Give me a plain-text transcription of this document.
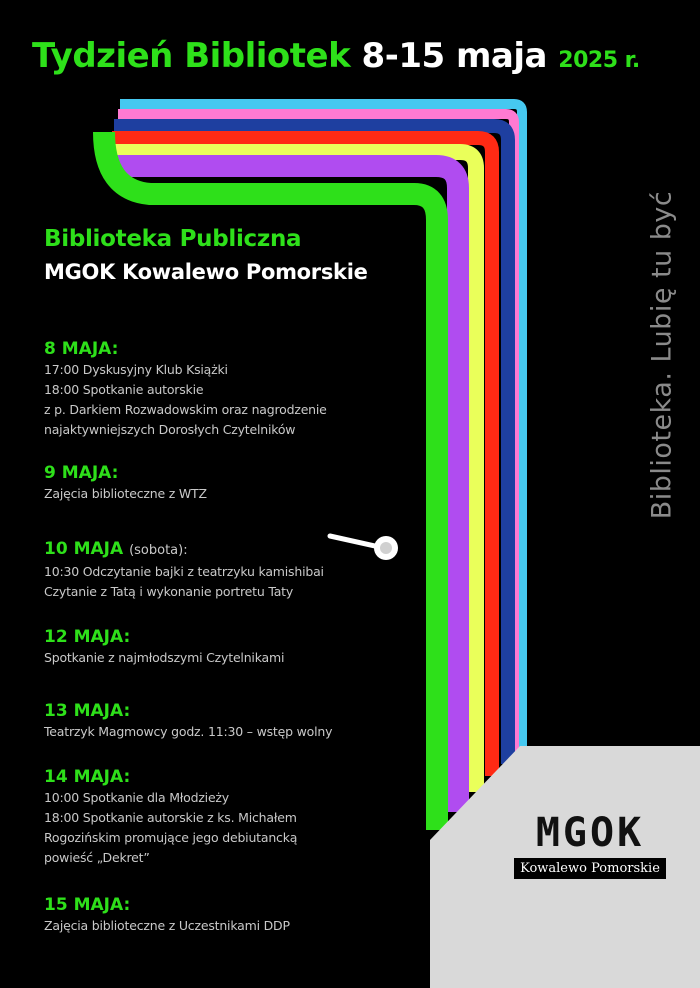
Tydzień Bibliotek 8-15 maja 2025 r.
Biblioteka Publiczna
MGOK Kowalewo Pomorskie
8 MAJA:
17:00 Dyskusyjny Klub Książki
18:00 Spotkanie autorskie
z p. Darkiem Rozwadowskim oraz nagrodzenie
najaktywniejszych Dorosłych Czytelników
9 MAJA:
Zajęcia biblioteczne z WTZ
10 MAJA (sobota):
10:30 Odczytanie bajki z teatrzyku kamishibai
Czytanie z Tatą i wykonanie portretu Taty
12 MAJA:
Spotkanie z najmłodszymi Czytelnikami
13 MAJA:
Teatrzyk Magmowcy godz. 11:30 – wstęp wolny
14 MAJA:
10:00 Spotkanie dla Młodzieży
18:00 Spotkanie autorskie z ks. Michałem
Rogozińskim promujące jego debiutancką
powieść „Dekret”
15 MAJA:
Zajęcia biblioteczne z Uczestnikami DDP
Biblioteka. Lubię tu być
MGOK
Kowalewo Pomorskie
